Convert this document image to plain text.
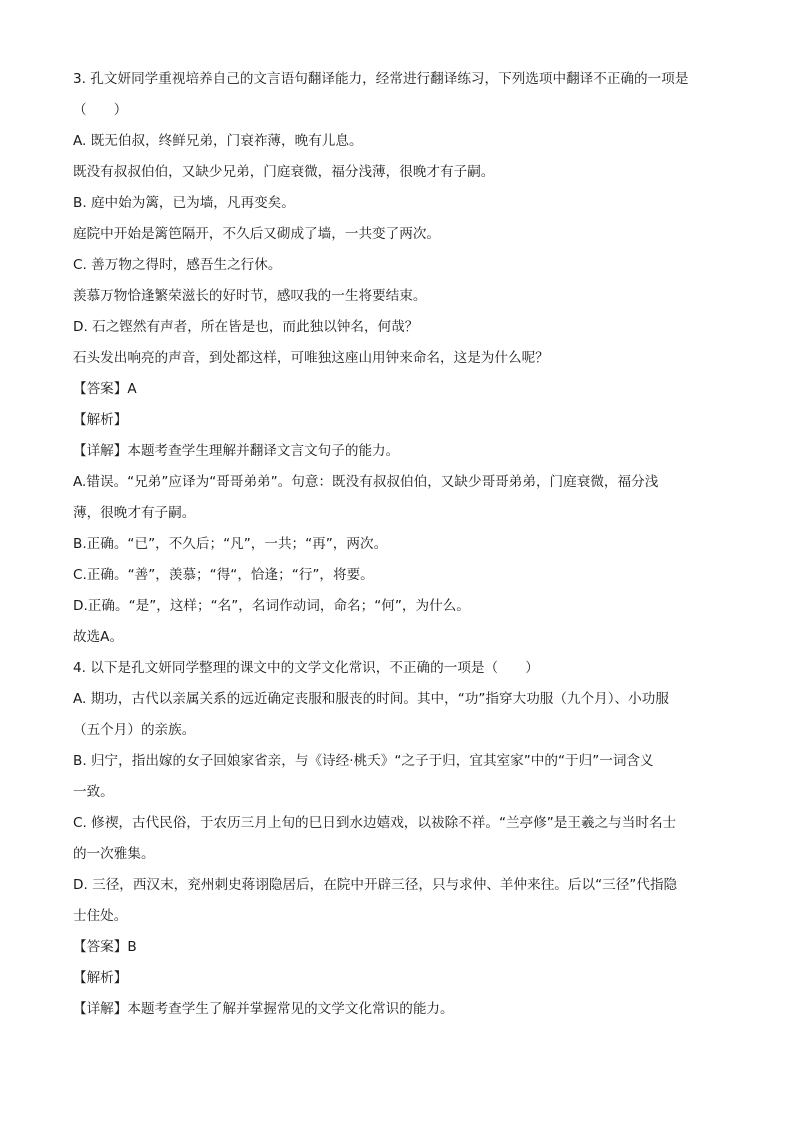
3. 孔文妍同学重视培养自己的文言语句翻译能力，经常进行翻译练习，下列选项中翻译不正确的一项是
（　　）
A. 既无伯叔，终鲜兄弟，门衰祚薄，晚有儿息。
既没有叔叔伯伯，又缺少兄弟，门庭衰微，福分浅薄，很晚才有子嗣。
B. 庭中始为篱，已为墙，凡再变矣。
庭院中开始是篱笆隔开，不久后又砌成了墙，一共变了两次。
C. 善万物之得时，感吾生之行休。
羡慕万物恰逢繁荣滋长的好时节，感叹我的一生将要结束。
D. 石之铿然有声者，所在皆是也，而此独以钟名，何哉？
石头发出响亮的声音，到处都这样，可唯独这座山用钟来命名，这是为什么呢？
【答案】A
【解析】
【详解】本题考查学生理解并翻译文言文句子的能力。
A.错误。“兄弟”应译为“哥哥弟弟”。句意：既没有叔叔伯伯，又缺少哥哥弟弟，门庭衰微，福分浅
薄，很晚才有子嗣。
B.正确。“已”，不久后；“凡”，一共；“再”，两次。
C.正确。“善”，羡慕；“得“，恰逢；“行”，将要。
D.正确。“是”，这样；“名”，名词作动词，命名；“何”，为什么。
故选A。
4. 以下是孔文妍同学整理的课文中的文学文化常识，不正确的一项是（　　）
A. 期功，古代以亲属关系的远近确定丧服和服丧的时间。其中，“功”指穿大功服（九个月）、小功服
（五个月）的亲族。
B. 归宁，指出嫁的女子回娘家省亲，与《诗经·桃夭》“之子于归，宜其室家”中的“于归”一词含义
一致。
C. 修禊，古代民俗，于农历三月上旬的巳日到水边嬉戏，以祓除不祥。“兰亭修”是王羲之与当时名士
的一次雅集。
D. 三径，西汉末，兖州刺史蒋诩隐居后，在院中开辟三径，只与求仲、羊仲来往。后以“三径”代指隐
士住处。
【答案】B
【解析】
【详解】本题考查学生了解并掌握常见的文学文化常识的能力。
